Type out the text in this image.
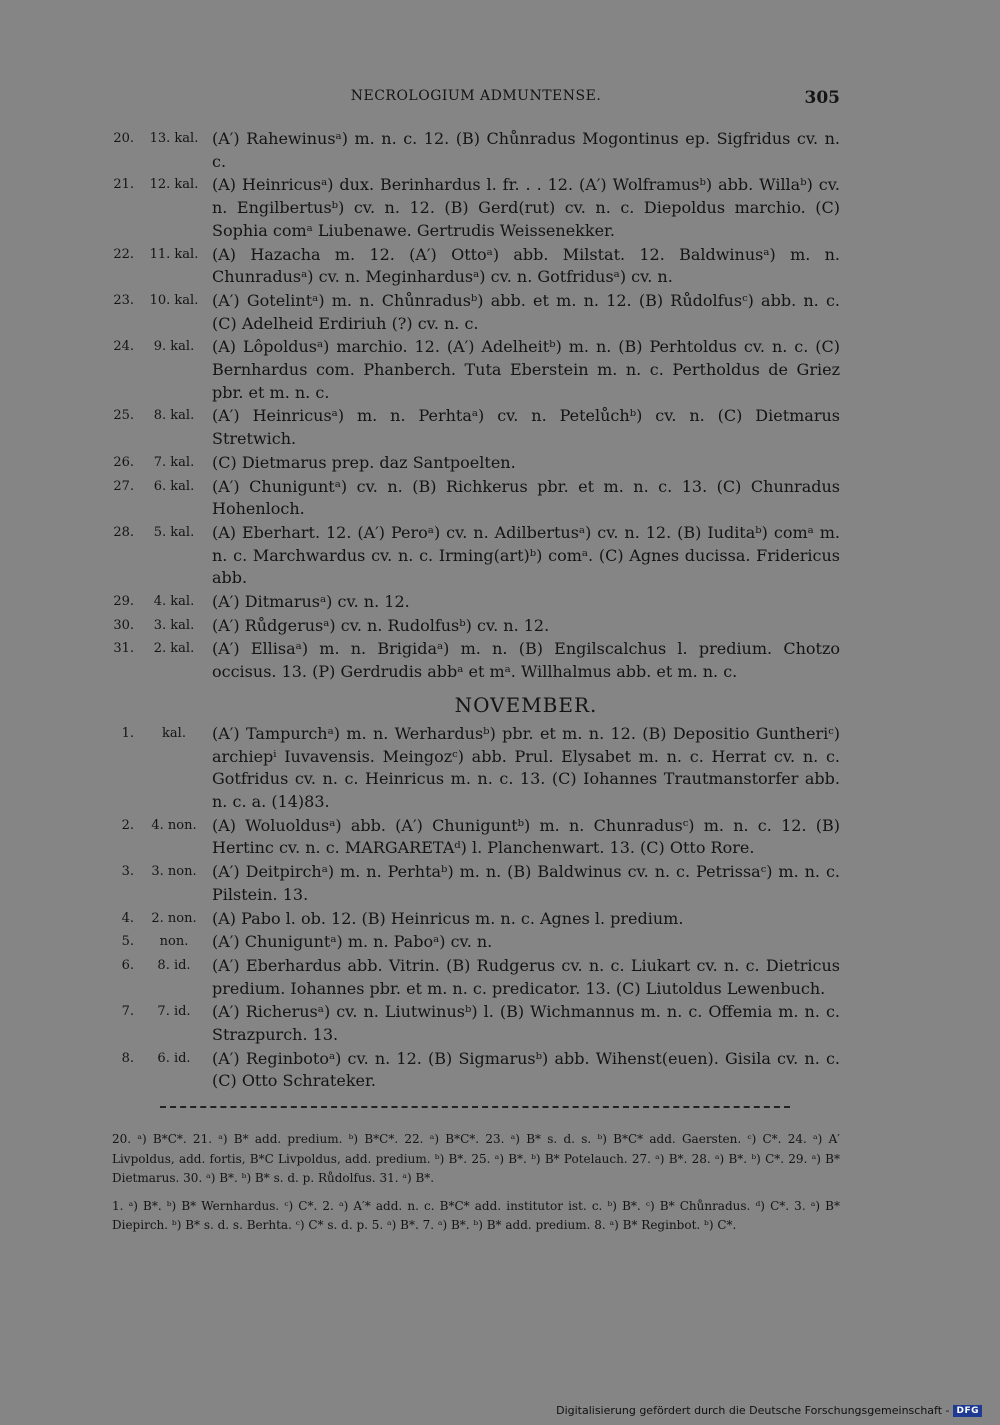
NECROLOGIUM ADMUNTENSE.	305
20.	13. kal. (A′) Rahewinusᵃ) m. n. c. 12. (B) Chůnradus Mogontinus ep. Sigfridus cv. n. c.
21.	12. kal. (A) Heinricusᵃ) dux. Berinhardus l. fr. . . 12. (A′) Wolframusᵇ) abb. Willaᵇ) cv. n. Engilbertusᵇ) cv. n. 12. (B) Gerd(rut) cv. n. c. Diepoldus marchio. (C) Sophia comᵃ Liubenawe. Gertrudis Weissenekker.
22.	11. kal. (A) Hazacha m. 12. (A′) Ottoᵃ) abb. Milstat. 12. Baldwinusᵃ) m. n. Chunradusᵃ) cv. n. Meginhardusᵃ) cv. n. Gotfridusᵃ) cv. n.
23.	10. kal. (A′) Gotelintᵃ) m. n. Chůnradusᵇ) abb. et m. n. 12. (B) Růdolfusᶜ) abb. n. c. (C) Adelheid Erdiriuh (?) cv. n. c.
24.	9. kal.	(A) Lôpoldusᵃ) marchio. 12. (A′) Adelheitᵇ) m. n. (B) Perhtoldus cv. n. c. (C) Bernhardus com. Phanberch. Tuta Eberstein m. n. c. Pertholdus de Griez pbr. et m. n. c.
25.	8. kal.	(A′) Heinricusᵃ) m. n. Perhtaᵃ) cv. n. Petelůchᵇ) cv. n. (C) Dietmarus Stretwich.
26.	7. kal.	(C) Dietmarus prep. daz Santpoelten.
27.	6. kal.	(A′) Chuniguntᵃ) cv. n. (B) Richkerus pbr. et m. n. c. 13. (C) Chunradus Hohenloch.
28.	5. kal.	(A) Eberhart. 12. (A′) Peroᵃ) cv. n. Adilbertusᵃ) cv. n. 12. (B) Iuditaᵇ) comᵃ m. n. c. Marchwardus cv. n. c. Irming(art)ᵇ) comᵃ. (C) Agnes ducissa. Fridericus abb.
29.	4. kal.	(A′) Ditmarusᵃ) cv. n. 12.
30.	3. kal.	(A′) Růdgerusᵃ) cv. n. Rudolfusᵇ) cv. n. 12.
31.	2. kal.	(A′) Ellisaᵃ) m. n. Brigidaᵃ) m. n. (B) Engilscalchus l. predium. Chotzo occisus. 13. (P) Gerdrudis abbᵃ et mᵃ. Willhalmus abb. et m. n. c.
NOVEMBER.
1.	kal.	(A′) Tampurchᵃ) m. n. Werhardusᵇ) pbr. et m. n. 12. (B) Depositio Guntheriᶜ) archiepⁱ Iuvavensis. Meingozᶜ) abb. Prul. Elysabet m. n. c. Herrat cv. n. c. Gotfridus cv. n. c. Heinricus m. n. c. 13. (C) Iohannes Trautmanstorfer abb. n. c. a. (14)83.
2.	4. non. (A) Woluoldusᵃ) abb. (A′) Chuniguntᵇ) m. n. Chunradusᶜ) m. n. c. 12. (B) Hertinc cv. n. c. MARGARETAᵈ) l. Planchenwart. 13. (C) Otto Rore.
3.	3. non. (A′) Deitpirchᵃ) m. n. Perhtaᵇ) m. n. (B) Baldwinus cv. n. c. Petrissaᶜ) m. n. c. Pilstein. 13.
4.	2. non. (A) Pabo l. ob. 12. (B) Heinricus m. n. c. Agnes l. predium.
5.	non.	(A′) Chuniguntᵃ) m. n. Paboᵃ) cv. n.
6.	8. id.	(A′) Eberhardus abb. Vitrin. (B) Rudgerus cv. n. c. Liukart cv. n. c. Dietricus predium. Iohannes pbr. et m. n. c. predicator. 13. (C) Liutoldus Lewenbuch.
7.	7. id.	(A′) Richerusᵃ) cv. n. Liutwinusᵇ) l. (B) Wichmannus m. n. c. Offemia m. n. c. Strazpurch. 13.
8.	6. id.	(A′) Reginbotoᵃ) cv. n. 12. (B) Sigmarusᵇ) abb. Wihenst(euen). Gisila cv. n. c. (C) Otto Schrateker.

20. ᵃ) B*C*. 21. ᵃ) B* add. predium. ᵇ) B*C*. 22. ᵃ) B*C*. 23. ᵃ) B* s. d. s. ᵇ) B*C* add. Gaersten. ᶜ) C*. 24. ᵃ) A′ Livpoldus, add. fortis, B*C Livpoldus, add. predium. ᵇ) B*. 25. ᵃ) B*. ᵇ) B* Potelauch. 27. ᵃ) B*. 28. ᵃ) B*. ᵇ) C*. 29. ᵃ) B* Dietmarus. 30. ᵃ) B*. ᵇ) B* s. d. p. Růdolfus. 31. ᵃ) B*.

1. ᵃ) B*. ᵇ) B* Wernhardus. ᶜ) C*. 2. ᵃ) A′* add. n. c. B*C* add. institutor ist. c. ᵇ) B*. ᶜ) B* Chůnradus. ᵈ) C*. 3. ᵃ) B* Diepirch. ᵇ) B* s. d. s. Berhta. ᶜ) C* s. d. p. 5. ᵃ) B*. 7. ᵃ) B*. ᵇ) B* add. predium. 8. ᵃ) B* Reginbot. ᵇ) C*.

Digitalisierung gefördert durch die Deutsche Forschungsgemeinschaft - DFG
